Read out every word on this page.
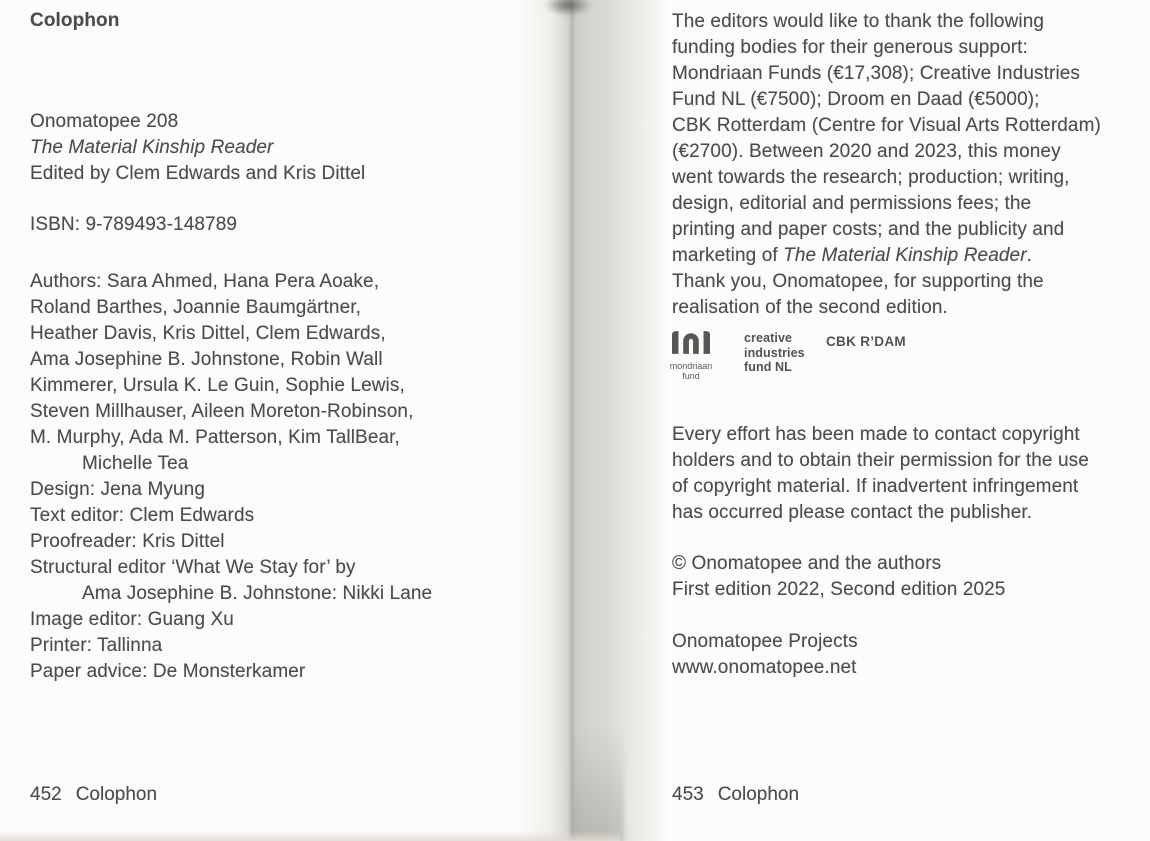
Colophon
Onomatopee 208
The Material Kinship Reader
Edited by Clem Edwards and Kris Dittel
ISBN: 9-789493-148789
Authors: Sara Ahmed, Hana Pera Aoake,
Roland Barthes, Joannie Baumgärtner,
Heather Davis, Kris Dittel, Clem Edwards,
Ama Josephine B. Johnstone, Robin Wall
Kimmerer, Ursula K. Le Guin, Sophie Lewis,
Steven Millhauser, Aileen Moreton-Robinson,
M. Murphy, Ada M. Patterson, Kim TallBear,
Michelle Tea
Design: Jena Myung
Text editor: Clem Edwards
Proofreader: Kris Dittel
Structural editor ‘What We Stay for’ by
Ama Josephine B. Johnstone: Nikki Lane
Image editor: Guang Xu
Printer: Tallinna
Paper advice: De Monsterkamer
452 Colophon
The editors would like to thank the following
funding bodies for their generous support:
Mondriaan Funds (€17,308); Creative Industries
Fund NL (€7500); Droom en Daad (€5000);
CBK Rotterdam (Centre for Visual Arts Rotterdam)
(€2700). Between 2020 and 2023, this money
went towards the research; production; writing,
design, editorial and permissions fees; the
printing and paper costs; and the publicity and
marketing of The Material Kinship Reader.
Thank you, Onomatopee, for supporting the
realisation of the second edition.
mondriaan
fund
creative
industries
fund NL
CBK R’DAM
Every effort has been made to contact copyright
holders and to obtain their permission for the use
of copyright material. If inadvertent infringement
has occurred please contact the publisher.
© Onomatopee and the authors
First edition 2022, Second edition 2025
Onomatopee Projects
www.onomatopee.net
453 Colophon
